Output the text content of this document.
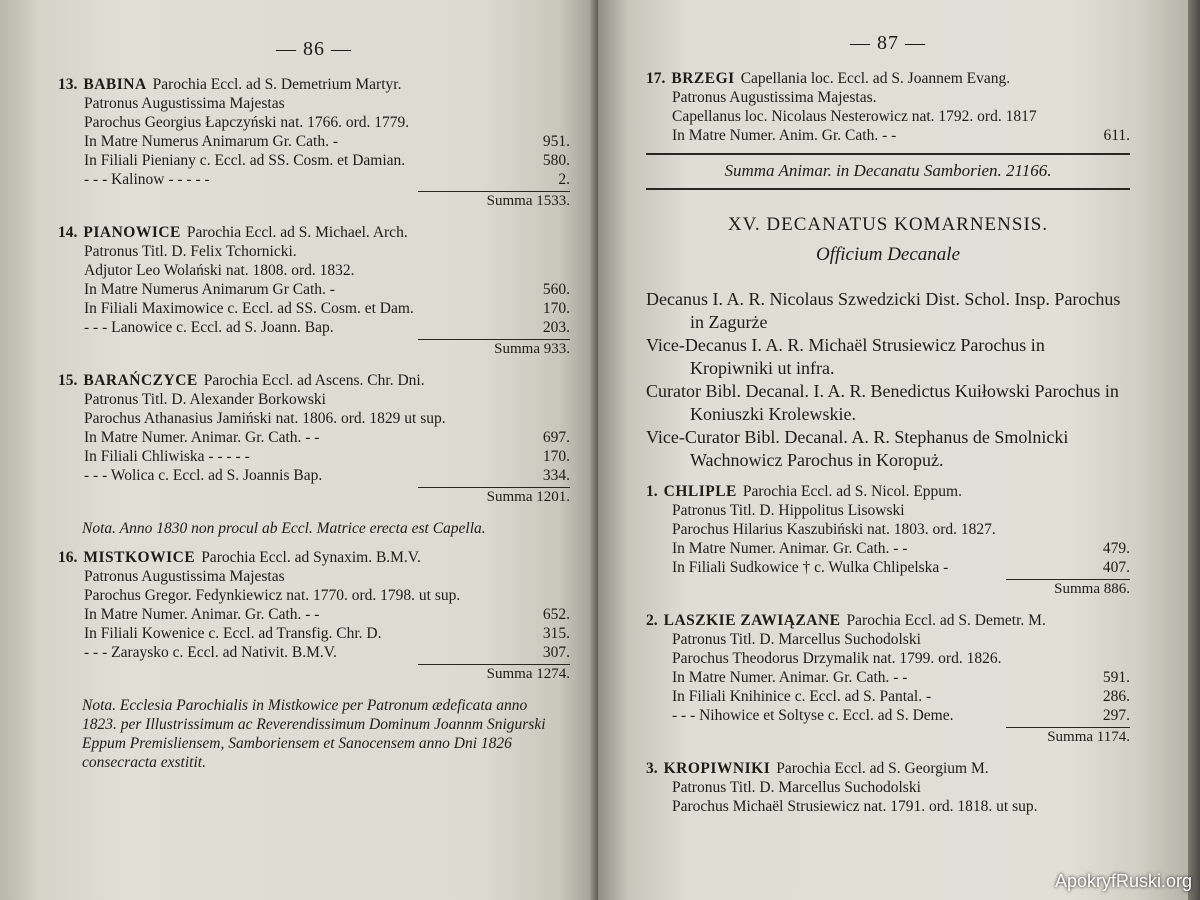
— 86 —
13. BABINA Parochia Eccl. ad S. Demetrium Martyr.
Patronus Augustissima Majestas
Parochus Georgius Łapczyński nat. 1766. ord. 1779.
In Matre Numerus Animarum Gr. Cath. -	951.
In Filiali Pieniany c. Eccl. ad SS. Cosm. et Damian.	580.
- - - Kalinow - - - - -	2.
Summa 1533.
14. PIANOWICE Parochia Eccl. ad S. Michael. Arch.
Patronus Titl. D. Felix Tchornicki.
Adjutor Leo Wolański nat. 1808. ord. 1832.
In Matre Numerus Animarum Gr Cath. -	560.
In Filiali Maximowice c. Eccl. ad SS. Cosm. et Dam.	170.
- - - Lanowice c. Eccl. ad S. Joann. Bap.	203.
Summa 933.
15. BARAŃCZYCE Parochia Eccl. ad Ascens. Chr. Dni.
Patronus Titl. D. Alexander Borkowski
Parochus Athanasius Jamiński nat. 1806. ord. 1829 ut sup.
In Matre Numer. Animar. Gr. Cath. - -	697.
In Filiali Chliwiska - - - - -	170.
- - - Wolica c. Eccl. ad S. Joannis Bap.	334.
Summa 1201.
Nota. Anno 1830 non procul ab Eccl. Matrice erecta est Capella.
16. MISTKOWICE Parochia Eccl. ad Synaxim. B.M.V.
Patronus Augustissima Majestas
Parochus Gregor. Fedynkiewicz nat. 1770. ord. 1798. ut sup.
In Matre Numer. Animar. Gr. Cath. - -	652.
In Filiali Kowenice c. Eccl. ad Transfig. Chr. D.	315.
- - - Zaraysko c. Eccl. ad Nativit. B.M.V.	307.
Summa 1274.
Nota. Ecclesia Parochialis in Mistkowice per Patronum ædeficata anno 1823. per Illustrissimum ac Reverendissimum Dominum Joannm Snigurski Eppum Premisliensem, Samboriensem et Sanocensem anno Dni 1826 consecracta exstitit.
— 87 —
17. BRZEGI Capellania loc. Eccl. ad S. Joannem Evang.
Patronus Augustissima Majestas.
Capellanus loc. Nicolaus Nesterowicz nat. 1792. ord. 1817
In Matre Numer. Anim. Gr. Cath. - -	611.
Summa Animar. in Decanatu Samborien. 21166.
XV. DECANATUS KOMARNENSIS.
Officium Decanale
Decanus I. A. R. Nicolaus Szwedzicki Dist. Schol. Insp. Parochus in Zagurże
Vice-Decanus I. A. R. Michaël Strusiewicz Parochus in Kropiwniki ut infra.
Curator Bibl. Decanal. I. A. R. Benedictus Kuiłowski Parochus in Koniuszki Krolewskie.
Vice-Curator Bibl. Decanal. A. R. Stephanus de Smolnicki Wachnowicz Parochus in Koropuż.
1. CHLIPLE Parochia Eccl. ad S. Nicol. Eppum.
Patronus Titl. D. Hippolitus Lisowski
Parochus Hilarius Kaszubiński nat. 1803. ord. 1827.
In Matre Numer. Animar. Gr. Cath. - -	479.
In Filiali Sudkowice † c. Wulka Chlipelska -	407.
Summa 886.
2. LASZKIE ZAWIĄZANE Parochia Eccl. ad S. Demetr. M.
Patronus Titl. D. Marcellus Suchodolski
Parochus Theodorus Drzymalik nat. 1799. ord. 1826.
In Matre Numer. Animar. Gr. Cath. - -	591.
In Filiali Knihinice c. Eccl. ad S. Pantal. -	286.
- - - Nihowice et Soltyse c. Eccl. ad S. Deme.	297.
Summa 1174.
3. KROPIWNIKI Parochia Eccl. ad S. Georgium M.
Patronus Titl. D. Marcellus Suchodolski
Parochus Michaël Strusiewicz nat. 1791. ord. 1818. ut sup.
ApokryfRuski.org
